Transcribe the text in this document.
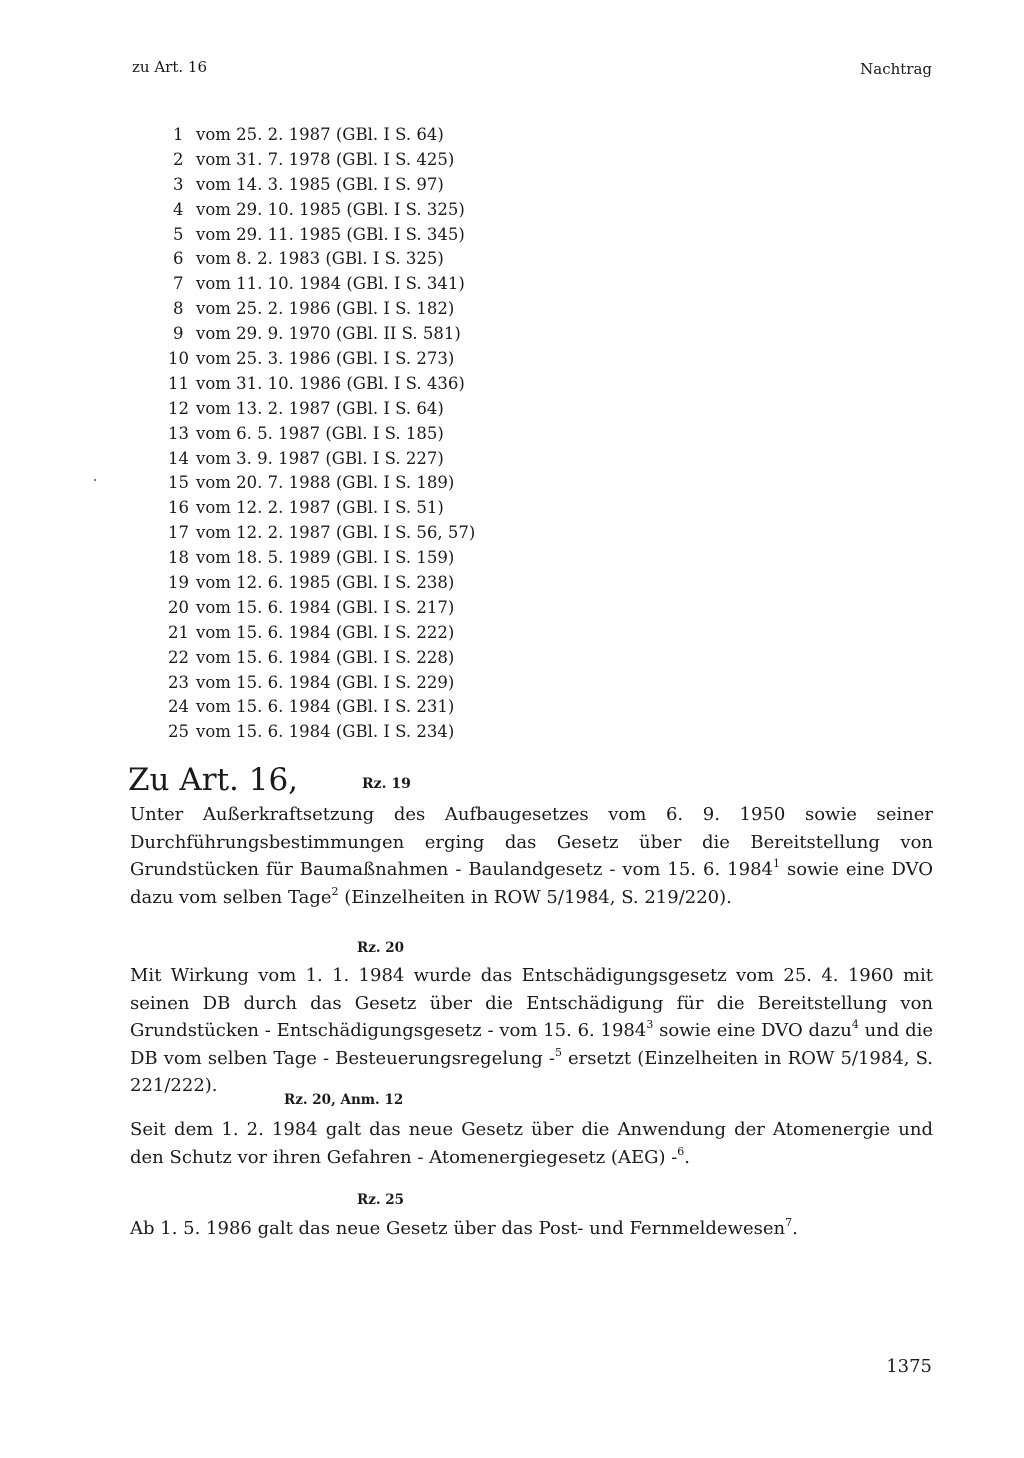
zu Art. 16	Nachtrag
1 vom 25. 2. 1987 (GBl. I S. 64)
2 vom 31. 7. 1978 (GBl. I S. 425)
3 vom 14. 3. 1985 (GBl. I S. 97)
4 vom 29. 10. 1985 (GBl. I S. 325)
5 vom 29. 11. 1985 (GBl. I S. 345)
6 vom 8. 2. 1983 (GBl. I S. 325)
7 vom 11. 10. 1984 (GBl. I S. 341)
8 vom 25. 2. 1986 (GBl. I S. 182)
9 vom 29. 9. 1970 (GBl. II S. 581)
10 vom 25. 3. 1986 (GBl. I S. 273)
11 vom 31. 10. 1986 (GBl. I S. 436)
12 vom 13. 2. 1987 (GBl. I S. 64)
13 vom 6. 5. 1987 (GBl. I S. 185)
14 vom 3. 9. 1987 (GBl. I S. 227)
15 vom 20. 7. 1988 (GBl. I S. 189)
16 vom 12. 2. 1987 (GBl. I S. 51)
17 vom 12. 2. 1987 (GBl. I S. 56, 57)
18 vom 18. 5. 1989 (GBl. I S. 159)
19 vom 12. 6. 1985 (GBl. I S. 238)
20 vom 15. 6. 1984 (GBl. I S. 217)
21 vom 15. 6. 1984 (GBl. I S. 222)
22 vom 15. 6. 1984 (GBl. I S. 228)
23 vom 15. 6. 1984 (GBl. I S. 229)
24 vom 15. 6. 1984 (GBl. I S. 231)
25 vom 15. 6. 1984 (GBl. I S. 234)
Zu Art. 16,	Rz. 19

Unter Außerkraftsetzung des Aufbaugesetzes vom 6. 9. 1950 sowie seiner Durchführungsbestimmungen erging das Gesetz über die Bereitstellung von Grundstücken für Baumaßnahmen - Baulandgesetz - vom 15. 6. 1984$^1$ sowie eine DVO dazu vom selben Tage$^2$ (Einzelheiten in ROW 5/1984, S. 219/220).

Rz. 20

Mit Wirkung vom 1. 1. 1984 wurde das Entschädigungsgesetz vom 25. 4. 1960 mit seinen DB durch das Gesetz über die Entschädigung für die Bereitstellung von Grundstücken - Entschädigungsgesetz - vom 15. 6. 1984$^3$ sowie eine DVO dazu$^4$ und die DB vom selben Tage - Besteuerungsregelung -$^5$ ersetzt (Einzelheiten in ROW 5/1984, S. 221/222).

Rz. 20, Anm. 12

Seit dem 1. 2. 1984 galt das neue Gesetz über die Anwendung der Atomenergie und den Schutz vor ihren Gefahren - Atomenergiegesetz (AEG) -$^6$.

Rz. 25

Ab 1. 5. 1986 galt das neue Gesetz über das Post- und Fernmeldewesen$^7$.

1375
